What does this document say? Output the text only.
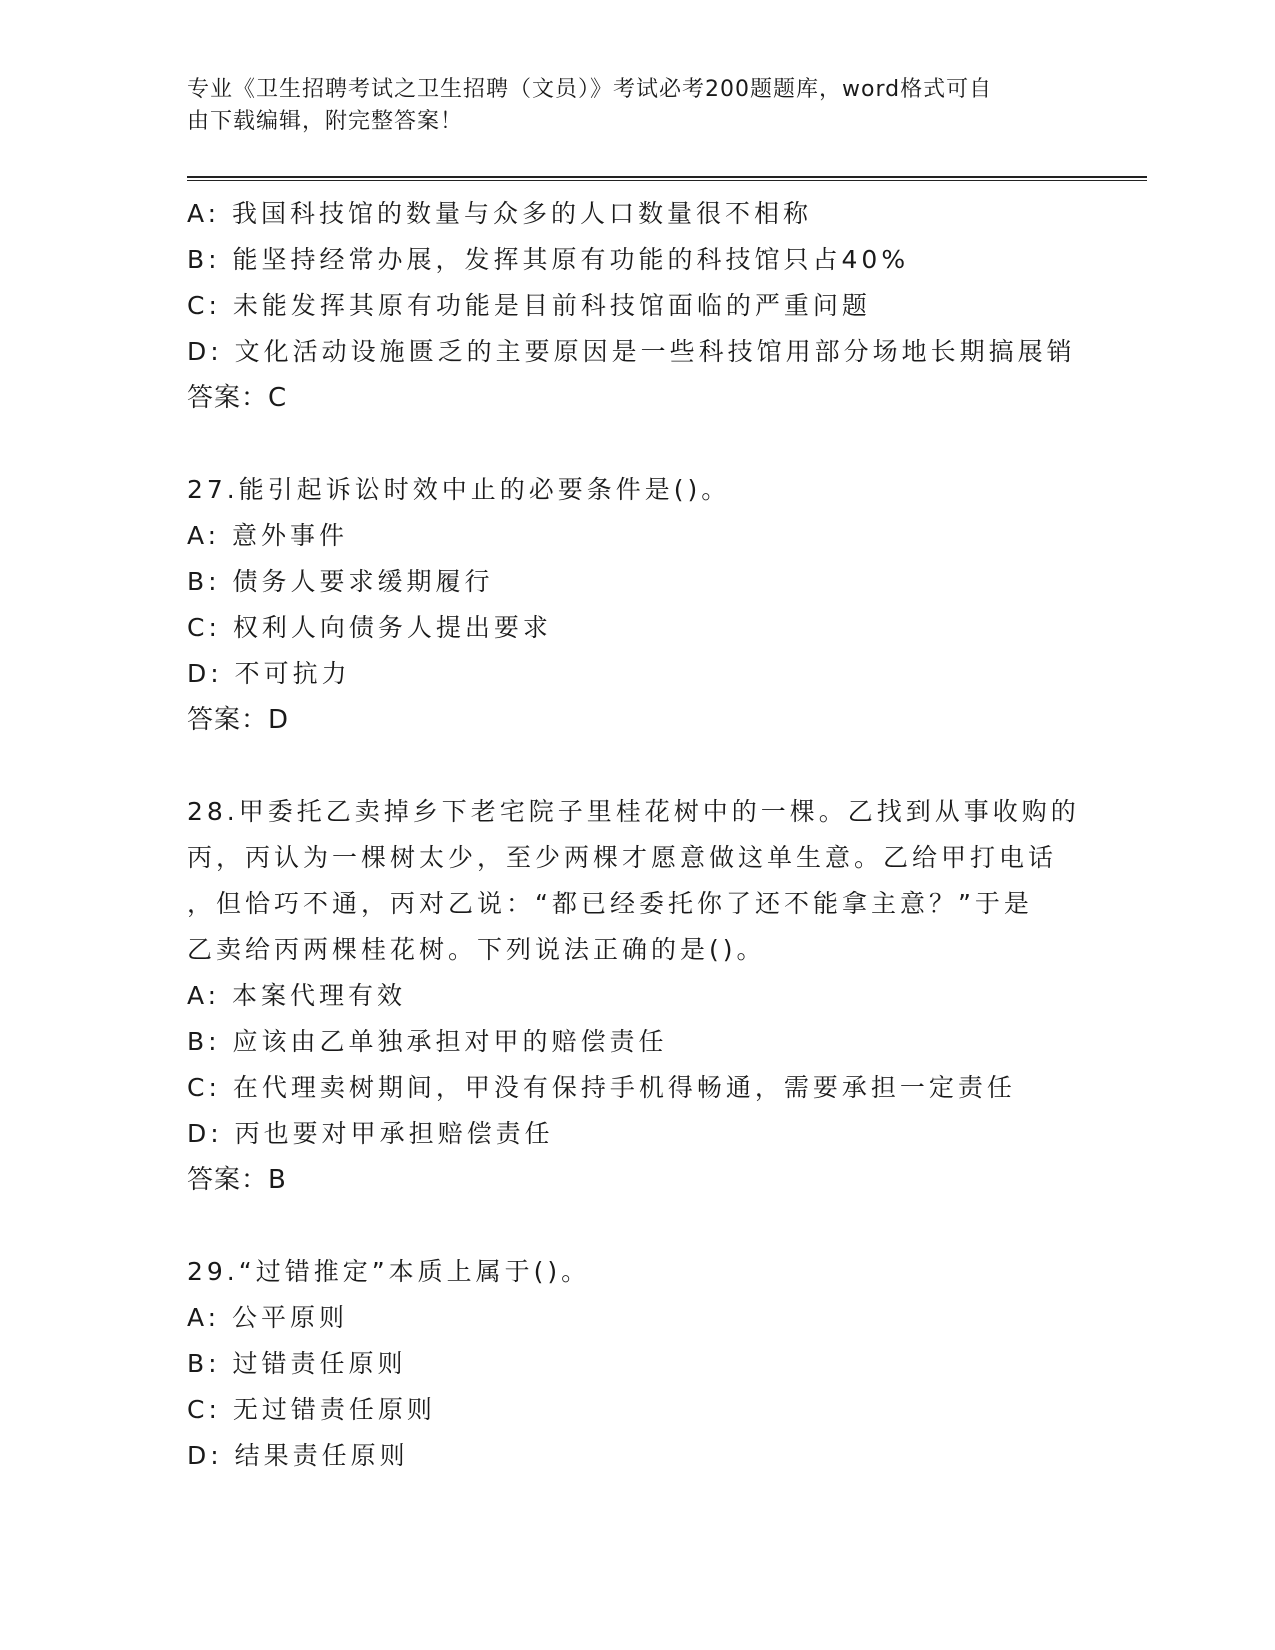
专业《卫生招聘考试之卫生招聘（文员）》考试必考200题题库，word格式可自

由下载编辑，附完整答案！

A: 我国科技馆的数量与众多的人口数量很不相称
B: 能坚持经常办展，发挥其原有功能的科技馆只占40%
C: 未能发挥其原有功能是目前科技馆面临的严重问题
D: 文化活动设施匮乏的主要原因是一些科技馆用部分场地长期搞展销
答案：C
27.能引起诉讼时效中止的必要条件是()。
A: 意外事件
B: 债务人要求缓期履行
C: 权利人向债务人提出要求
D: 不可抗力
答案：D
28.甲委托乙卖掉乡下老宅院子里桂花树中的一棵。乙找到从事收购的
丙，丙认为一棵树太少，至少两棵才愿意做这单生意。乙给甲打电话
，但恰巧不通，丙对乙说：“都已经委托你了还不能拿主意？”于是
乙卖给丙两棵桂花树。下列说法正确的是()。
A: 本案代理有效
B: 应该由乙单独承担对甲的赔偿责任
C: 在代理卖树期间，甲没有保持手机得畅通，需要承担一定责任
D: 丙也要对甲承担赔偿责任
答案：B
29.“过错推定”本质上属于()。
A: 公平原则
B: 过错责任原则
C: 无过错责任原则
D: 结果责任原则
